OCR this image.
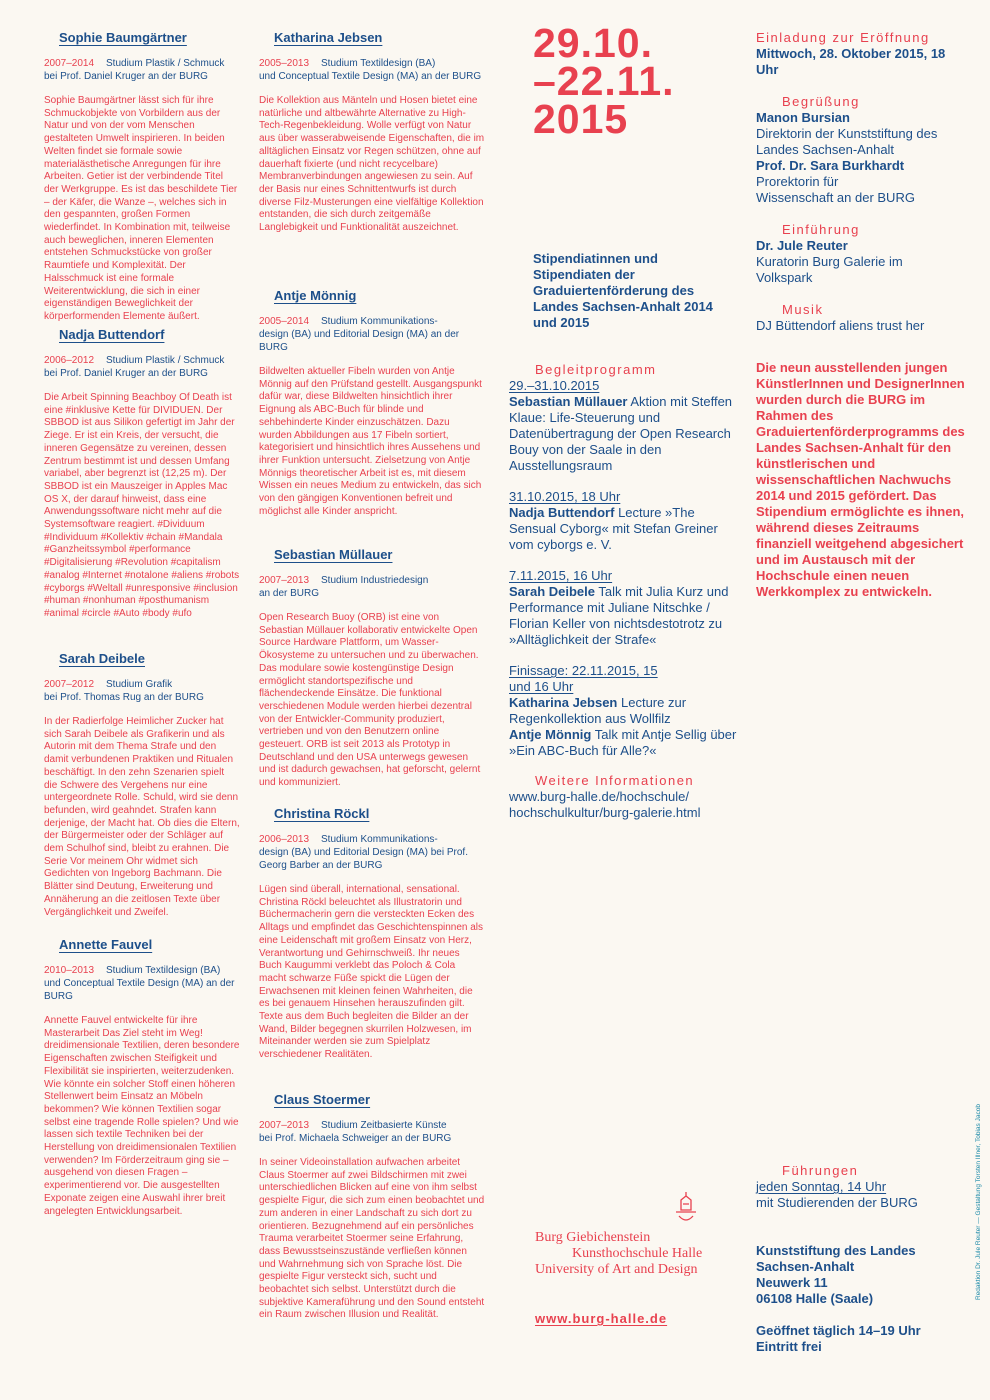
Sophie Baumgärtner
2007–2014 Studium Plastik / Schmuck
bei Prof. Daniel Kruger an der BURG
Sophie Baumgärtner lässt sich für ihre Schmuckobjekte von Vorbildern aus der Natur und von der vom Menschen gestalteten Umwelt inspirieren. In beiden Welten findet sie formale sowie materialästhetische Anregungen für ihre Arbeiten. Getier ist der verbindende Titel der Werkgruppe. Es ist das beschildete Tier – der Käfer, die Wanze –, welches sich in den gespannten, großen Formen wiederfindet. In Kombination mit, teilweise auch beweglichen, inneren Elementen entstehen Schmuckstücke von großer Raumtiefe und Komplexität. Der Halsschmuck ist eine formale Weiterentwicklung, die sich in einer eigenständigen Beweglichkeit der körperformenden Elemente äußert.
Nadja Buttendorf
2006–2012 Studium Plastik / Schmuck
bei Prof. Daniel Kruger an der BURG
Die Arbeit Spinning Beachboy Of Death ist eine #inklusive Kette für DIVIDUEN. Der SBBOD ist aus Silikon gefertigt im Jahr der Ziege. Er ist ein Kreis, der versucht, die inneren Gegensätze zu vereinen, dessen Zentrum bestimmt ist und dessen Umfang variabel, aber begrenzt ist (12,25 m). Der SBBOD ist ein Mauszeiger in Apples Mac OS X, der darauf hinweist, dass eine Anwendungssoftware nicht mehr auf die Systemsoftware reagiert. #Dividuum #Individuum #Kollektiv #chain #Mandala #Ganzheitssymbol #performance #Digitalisierung #Revolution #capitalism #analog #Internet #notalone #aliens #robots #cyborgs #Weltall #unresponsive #inclusion #human #nonhuman #posthumanism #animal #circle #Auto #body #ufo
Sarah Deibele
2007–2012 Studium Grafik
bei Prof. Thomas Rug an der BURG
In der Radierfolge Heimlicher Zucker hat sich Sarah Deibele als Grafikerin und als Autorin mit dem Thema Strafe und den damit verbundenen Praktiken und Ritualen beschäftigt. In den zehn Szenarien spielt die Schwere des Vergehens nur eine untergeordnete Rolle. Schuld, wird sie denn befunden, wird geahndet. Strafen kann derjenige, der Macht hat. Ob dies die Eltern, der Bürgermeister oder der Schläger auf dem Schulhof sind, bleibt zu erahnen. Die Serie Vor meinem Ohr widmet sich Gedichten von Ingeborg Bachmann. Die Blätter sind Deutung, Erweiterung und Annäherung an die zeitlosen Texte über Vergänglichkeit und Zweifel.
Annette Fauvel
2010–2013 Studium Textildesign (BA)
und Conceptual Textile Design (MA) an der BURG
Annette Fauvel entwickelte für ihre Masterarbeit Das Ziel steht im Weg! dreidimensionale Textilien, deren besondere Eigenschaften zwischen Steifigkeit und Flexibilität sie inspirierten, weiterzudenken. Wie könnte ein solcher Stoff einen höheren Stellenwert beim Einsatz an Möbeln bekommen? Wie können Textilien sogar selbst eine tragende Rolle spielen? Und wie lassen sich textile Techniken bei der Herstellung von dreidimensionalen Textilien verwenden? Im Förderzeitraum ging sie – ausgehend von diesen Fragen – experimentierend vor. Die ausgestellten Exponate zeigen eine Auswahl ihrer breit angelegten Entwicklungsarbeit.
Katharina Jebsen
2005–2013 Studium Textildesign (BA)
und Conceptual Textile Design (MA) an der BURG
Die Kollektion aus Mänteln und Hosen bietet eine natürliche und altbewährte Alternative zu High-Tech-Regenbekleidung. Wolle verfügt von Natur aus über wasserabweisende Eigenschaften, die im alltäglichen Einsatz vor Regen schützen, ohne auf dauerhaft fixierte (und nicht recycelbare) Membranverbindungen angewiesen zu sein. Auf der Basis nur eines Schnittentwurfs ist durch diverse Filz-Musterungen eine vielfältige Kollektion entstanden, die sich durch zeitgemäße Langlebigkeit und Funktionalität auszeichnet.
Antje Mönnig
2005–2014 Studium Kommunikations-
design (BA) und Editorial Design (MA) an der BURG
Bildwelten aktueller Fibeln wurden von Antje Mönnig auf den Prüfstand gestellt. Ausgangspunkt dafür war, diese Bildwelten hinsichtlich ihrer Eignung als ABC-Buch für blinde und sehbehinderte Kinder einzuschätzen. Dazu wurden Abbildungen aus 17 Fibeln sortiert, kategorisiert und hinsichtlich ihres Aussehens und ihrer Funktion untersucht. Zielsetzung von Antje Mönnigs theoretischer Arbeit ist es, mit diesem Wissen ein neues Medium zu entwickeln, das sich von den gängigen Konventionen befreit und möglichst alle Kinder anspricht.
Sebastian Müllauer
2007–2013 Studium Industriedesign
an der BURG
Open Research Buoy (ORB) ist eine von Sebastian Müllauer kollaborativ entwickelte Open Source Hardware Plattform, um Wasser-Ökosysteme zu untersuchen und zu überwachen. Das modulare sowie kostengünstige Design ermöglicht standortspezifische und flächendeckende Einsätze. Die funktional verschiedenen Module werden hierbei dezentral von der Entwickler-Community produziert, vertrieben und von den Benutzern online gesteuert. ORB ist seit 2013 als Prototyp in Deutschland und den USA unterwegs gewesen und ist dadurch gewachsen, hat geforscht, gelernt und kommuniziert.
Christina Röckl
2006–2013 Studium Kommunikations-
design (BA) und Editorial Design (MA) bei Prof. Georg Barber an der BURG
Lügen sind überall, international, sensational. Christina Röckl beleuchtet als Illustratorin und Büchermacherin gern die versteckten Ecken des Alltags und empfindet das Geschichtenspinnen als eine Leidenschaft mit großem Einsatz von Herz, Verantwortung und Gehirnschweiß. Ihr neues Buch Kaugummi verklebt das Poloch & Cola macht schwarze Füße spickt die Lügen der Erwachsenen mit kleinen feinen Wahrheiten, die es bei genauem Hinsehen herauszufinden gilt. Texte aus dem Buch begleiten die Bilder an der Wand, Bilder begegnen skurrilen Holzwesen, im Miteinander werden sie zum Spielplatz verschiedener Realitäten.
Claus Stoermer
2007–2013 Studium Zeitbasierte Künste
bei Prof. Michaela Schweiger an der BURG
In seiner Videoinstallation aufwachen arbeitet Claus Stoermer auf zwei Bildschirmen mit zwei unterschiedlichen Blicken auf eine von ihm selbst gespielte Figur, die sich zum einen beobachtet und zum anderen in einer Landschaft zu sich dort zu orientieren. Bezugnehmend auf ein persönliches Trauma verarbeitet Stoermer seine Erfahrung, dass Bewusstseinszustände verfließen können und Wahrnehmung sich von Sprache löst. Die gespielte Figur versteckt sich, sucht und beobachtet sich selbst. Unterstützt durch die subjektive Kameraführung und den Sound entsteht ein Raum zwischen Illusion und Realität.
29.10.
–22.11.
2015
Stipendiatinnen und Stipendiaten der Graduiertenförderung des Landes Sachsen-Anhalt 2014 und 2015
Begleitprogramm
29.–31.10.2015
Sebastian Müllauer Aktion mit Steffen Klaue: Life-Steuerung und Datenübertragung der Open Research Bouy von der Saale in den Ausstellungsraum
31.10.2015, 18 Uhr
Nadja Buttendorf Lecture »The Sensual Cyborg« mit Stefan Greiner vom cyborgs e. V.
7.11.2015, 16 Uhr
Sarah Deibele Talk mit Julia Kurz und Performance mit Juliane Nitschke / Florian Keller von nichtsdestotrotz zu »Alltäglichkeit der Strafe«
Finissage: 22.11.2015, 15 und 16 Uhr
Katharina Jebsen Lecture zur Regenkollektion aus Wollfilz
Antje Mönnig Talk mit Antje Sellig über »Ein ABC-Buch für Alle?«
Weitere Informationen
www.burg-halle.de/hochschule/
hochschulkultur/burg-galerie.html
Burg Giebichenstein
Kunsthochschule Halle
University of Art and Design
www.burg-halle.de
Einladung zur Eröffnung
Mittwoch, 28. Oktober 2015, 18 Uhr
Begrüßung
Manon Bursian
Direktorin der Kunststiftung des Landes Sachsen-Anhalt
Prof. Dr. Sara Burkhardt
Prorektorin für Wissenschaft an der BURG
Einführung
Dr. Jule Reuter
Kuratorin Burg Galerie im Volkspark
Musik
DJ Büttendorf aliens trust her
Die neun ausstellenden jungen KünstlerInnen und DesignerInnen wurden durch die BURG im Rahmen des Graduiertenförderprogramms des Landes Sachsen-Anhalt für den künstlerischen und wissenschaftlichen Nachwuchs 2014 und 2015 gefördert. Das Stipendium ermöglichte es ihnen, während dieses Zeitraums finanziell weitgehend abgesichert und im Austausch mit der Hochschule einen neuen Werkkomplex zu entwickeln.
Führungen
jeden Sonntag, 14 Uhr
mit Studierenden der BURG
Kunststiftung des Landes
Sachsen-Anhalt
Neuwerk 11
06108 Halle (Saale)
Geöffnet täglich 14–19 Uhr
Eintritt frei
Redaktion Dr. Jule Reuter — Gestaltung Torsten Illner, Tobias Jacob
